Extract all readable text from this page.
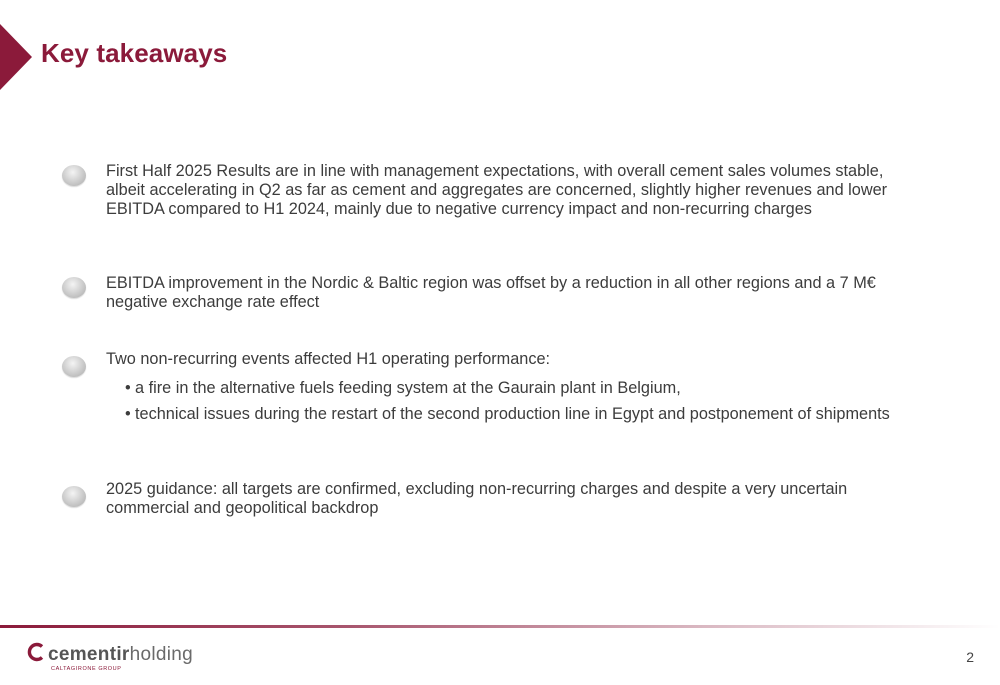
Key takeaways

First Half 2025 Results are in line with management expectations, with overall cement sales volumes stable, albeit accelerating in Q2 as far as cement and aggregates are concerned, slightly higher revenues and lower EBITDA compared to H1 2024, mainly due to negative currency impact and non-recurring charges

EBITDA improvement in the Nordic & Baltic region was offset by a reduction in all other regions and a 7 M€ negative exchange rate effect

Two non-recurring events affected H1 operating performance:
• a fire in the alternative fuels feeding system at the Gaurain plant in Belgium,
• technical issues during the restart of the second production line in Egypt and postponement of shipments

2025 guidance: all targets are confirmed, excluding non-recurring charges and despite a very uncertain commercial and geopolitical backdrop

cementirholding
CALTAGIRONE GROUP
2
